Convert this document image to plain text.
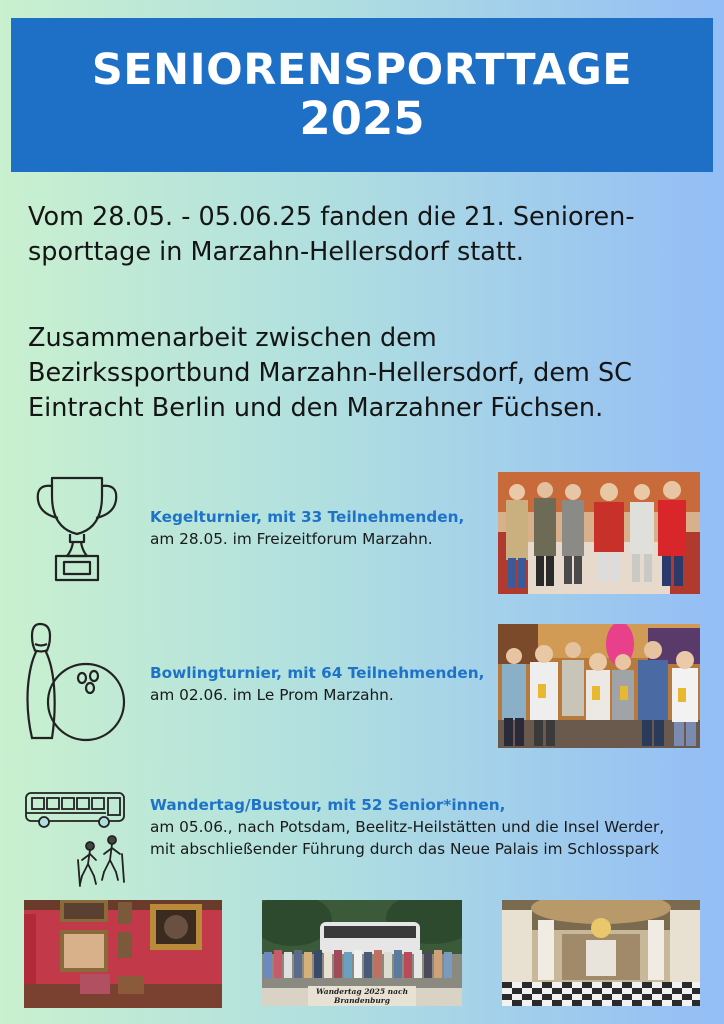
SENIORENSPORTTAGE
2025
Vom 28.05. - 05.06.25 fanden die 21. Senioren-
sporttage in Marzahn-Hellersdorf statt.
Zusammenarbeit zwischen dem
Bezirkssportbund Marzahn-Hellersdorf, dem SC
Eintracht Berlin und den Marzahner Füchsen.
Kegelturnier, mit 33 Teilnehmenden,
am 28.05. im Freizeitforum Marzahn.
Bowlingturnier, mit 64 Teilnehmenden,
am 02.06. im Le Prom Marzahn.
Wandertag/Bustour, mit 52 Senior*innen,
am 05.06., nach Potsdam, Beelitz-Heilstätten und die Insel Werder,
mit abschließender Führung durch das Neue Palais im Schlosspark
Wandertag 2025 nach
Brandenburg
